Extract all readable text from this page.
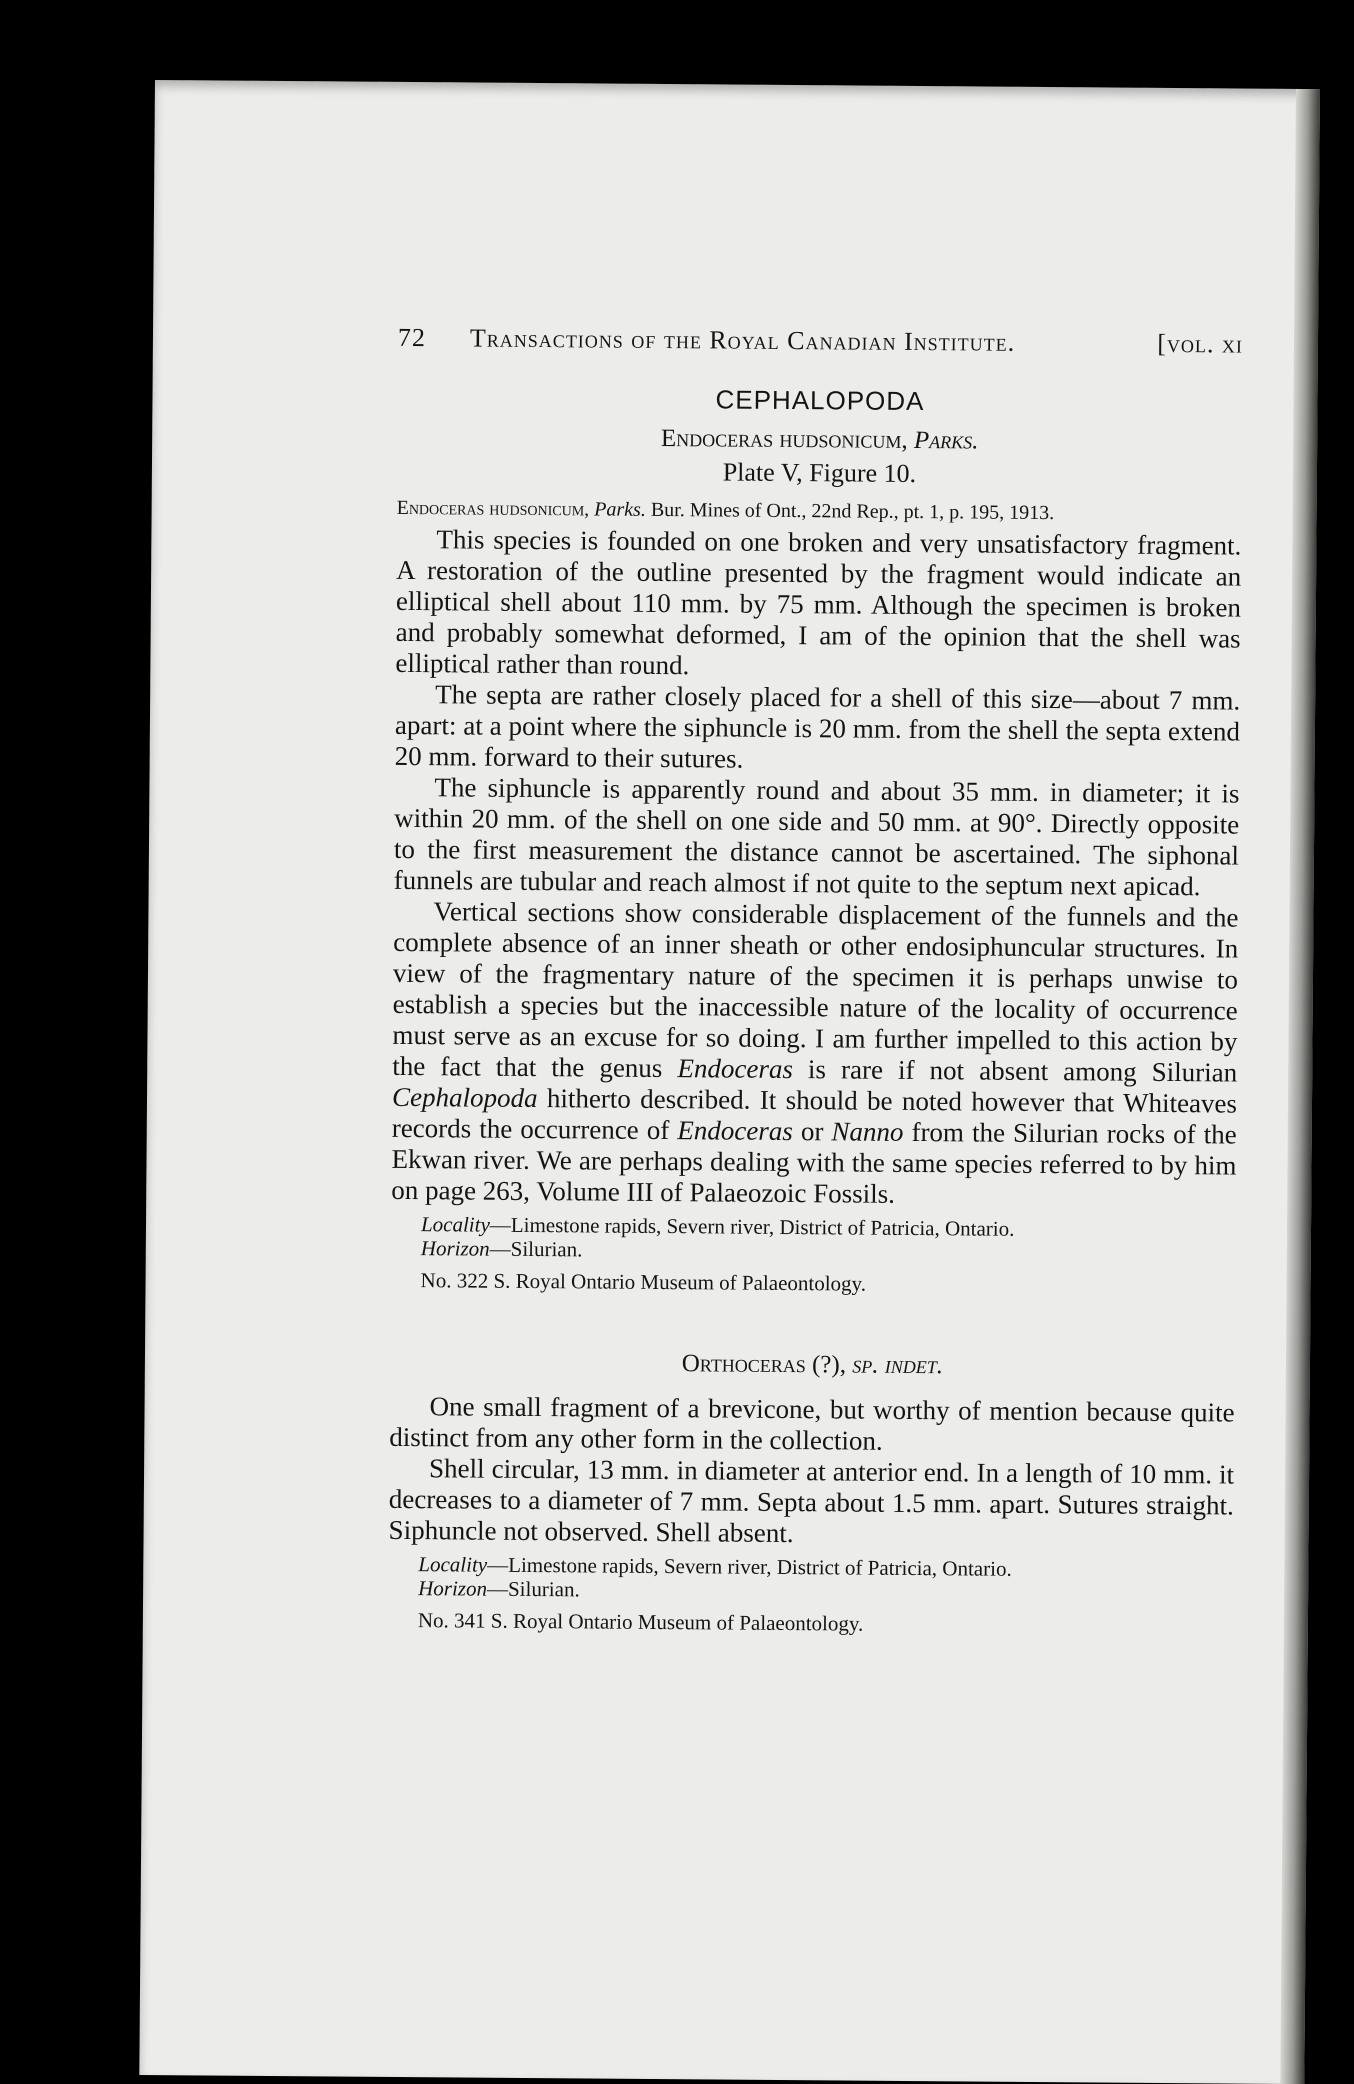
72 Transactions of the Royal Canadian Institute.	[vol. xi
CEPHALOPODA
Endoceras hudsonicum, Parks.
Plate V, Figure 10.
Endoceras hudsonicum, Parks. Bur. Mines of Ont., 22nd Rep., pt. 1, p. 195, 1913.

This species is founded on one broken and very unsatisfactory fragment. A restoration of the outline presented by the fragment would indicate an elliptical shell about 110 mm. by 75 mm. Although the specimen is broken and probably somewhat deformed, I am of the opinion that the shell was elliptical rather than round.

The septa are rather closely placed for a shell of this size—about 7 mm. apart: at a point where the siphuncle is 20 mm. from the shell the septa extend 20 mm. forward to their sutures.

The siphuncle is apparently round and about 35 mm. in diameter; it is within 20 mm. of the shell on one side and 50 mm. at 90°. Directly opposite to the first measurement the distance cannot be ascertained. The siphonal funnels are tubular and reach almost if not quite to the septum next apicad.

Vertical sections show considerable displacement of the funnels and the complete absence of an inner sheath or other endosiphuncular structures. In view of the fragmentary nature of the specimen it is perhaps unwise to establish a species but the inaccessible nature of the locality of occurrence must serve as an excuse for so doing. I am further impelled to this action by the fact that the genus Endoceras is rare if not absent among Silurian Cephalopoda hitherto described. It should be noted however that Whiteaves records the occurrence of Endoceras or Nanno from the Silurian rocks of the Ekwan river. We are perhaps dealing with the same species referred to by him on page 263, Volume III of Palaeozoic Fossils.

Locality—Limestone rapids, Severn river, District of Patricia, Ontario.
Horizon—Silurian.
No. 322 S. Royal Ontario Museum of Palaeontology.
Orthoceras (?), sp. indet.

One small fragment of a brevicone, but worthy of mention because quite distinct from any other form in the collection.

Shell circular, 13 mm. in diameter at anterior end. In a length of 10 mm. it decreases to a diameter of 7 mm. Septa about 1.5 mm. apart. Sutures straight. Siphuncle not observed. Shell absent.

Locality—Limestone rapids, Severn river, District of Patricia, Ontario.
Horizon—Silurian.
No. 341 S. Royal Ontario Museum of Palaeontology.
